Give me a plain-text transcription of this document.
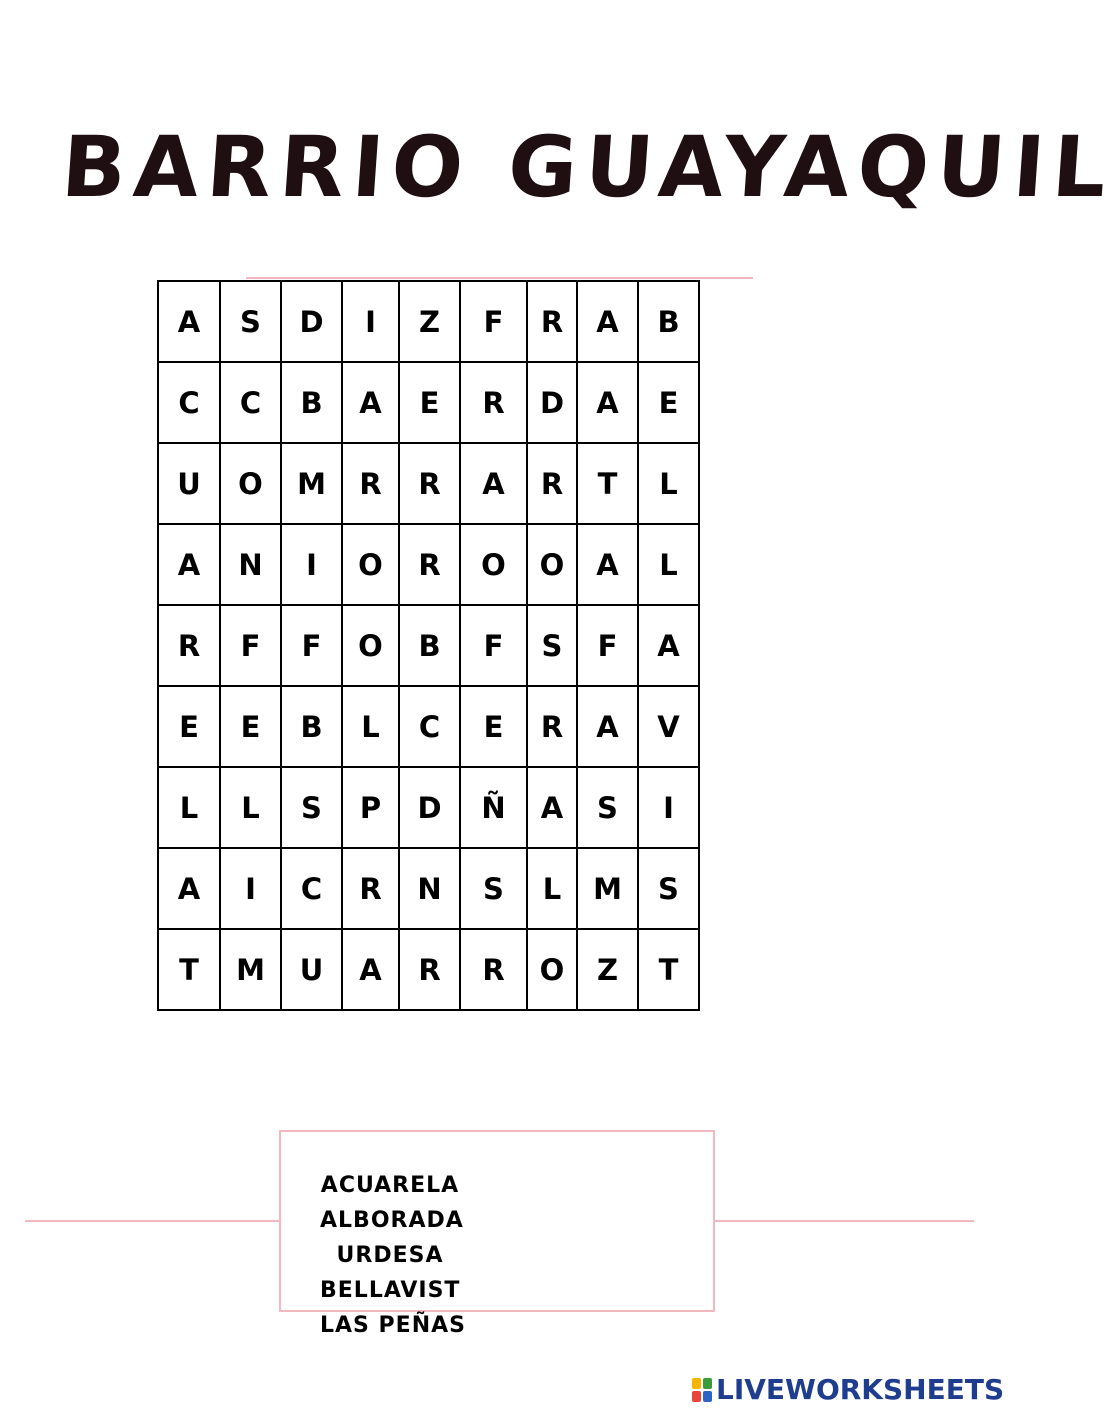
BARRIO GUAYAQUIL
A	S	D	I	Z	F	R	A	B
C	C	B	A	E	R	D	A	E
U	O	M	R	R	A	R	T	L
A	N	I	O	R	O	O	A	L
R	F	F	O	B	F	S	F	A
E	E	B	L	C	E	R	A	V
L	L	S	P	D	Ñ	A	S	I
A	I	C	R	N	S	L	M	S
T	M	U	A	R	R	O	Z	T
ACUARELA
ALBORADA
URDESA
BELLAVIST
LAS PEÑAS
LIVEWORKSHEETS
